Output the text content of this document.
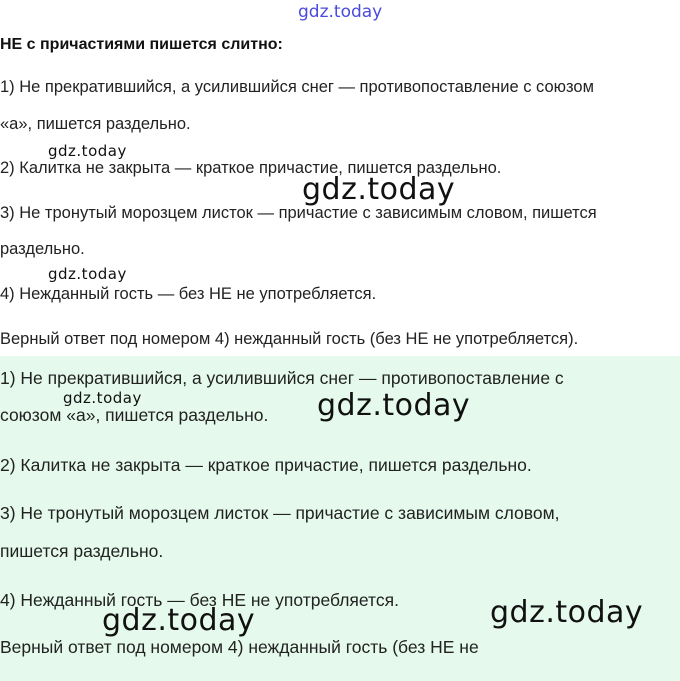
gdz.today
НЕ с причастиями пишется слитно:
1) Не прекратившийся, а усилившийся снег — противопоставление с союзом
«а», пишется раздельно.
2) Калитка не закрыта — краткое причастие, пишется раздельно.
3) Не тронутый морозцем листок — причастие с зависимым словом, пишется
раздельно.
4) Нежданный гость — без НЕ не употребляется.
Верный ответ под номером 4) нежданный гость (без НЕ не употребляется).
1) Не прекратившийся, а усилившийся снег — противопоставление с
союзом «а», пишется раздельно.
2) Калитка не закрыта — краткое причастие, пишется раздельно.
3) Не тронутый морозцем листок — причастие с зависимым словом,
пишется раздельно.
4) Нежданный гость — без НЕ не употребляется.
Верный ответ под номером 4) нежданный гость (без НЕ не
gdz.today
gdz.today
gdz.today
gdz.today	gdz.today
gdz.today
gdz.today
